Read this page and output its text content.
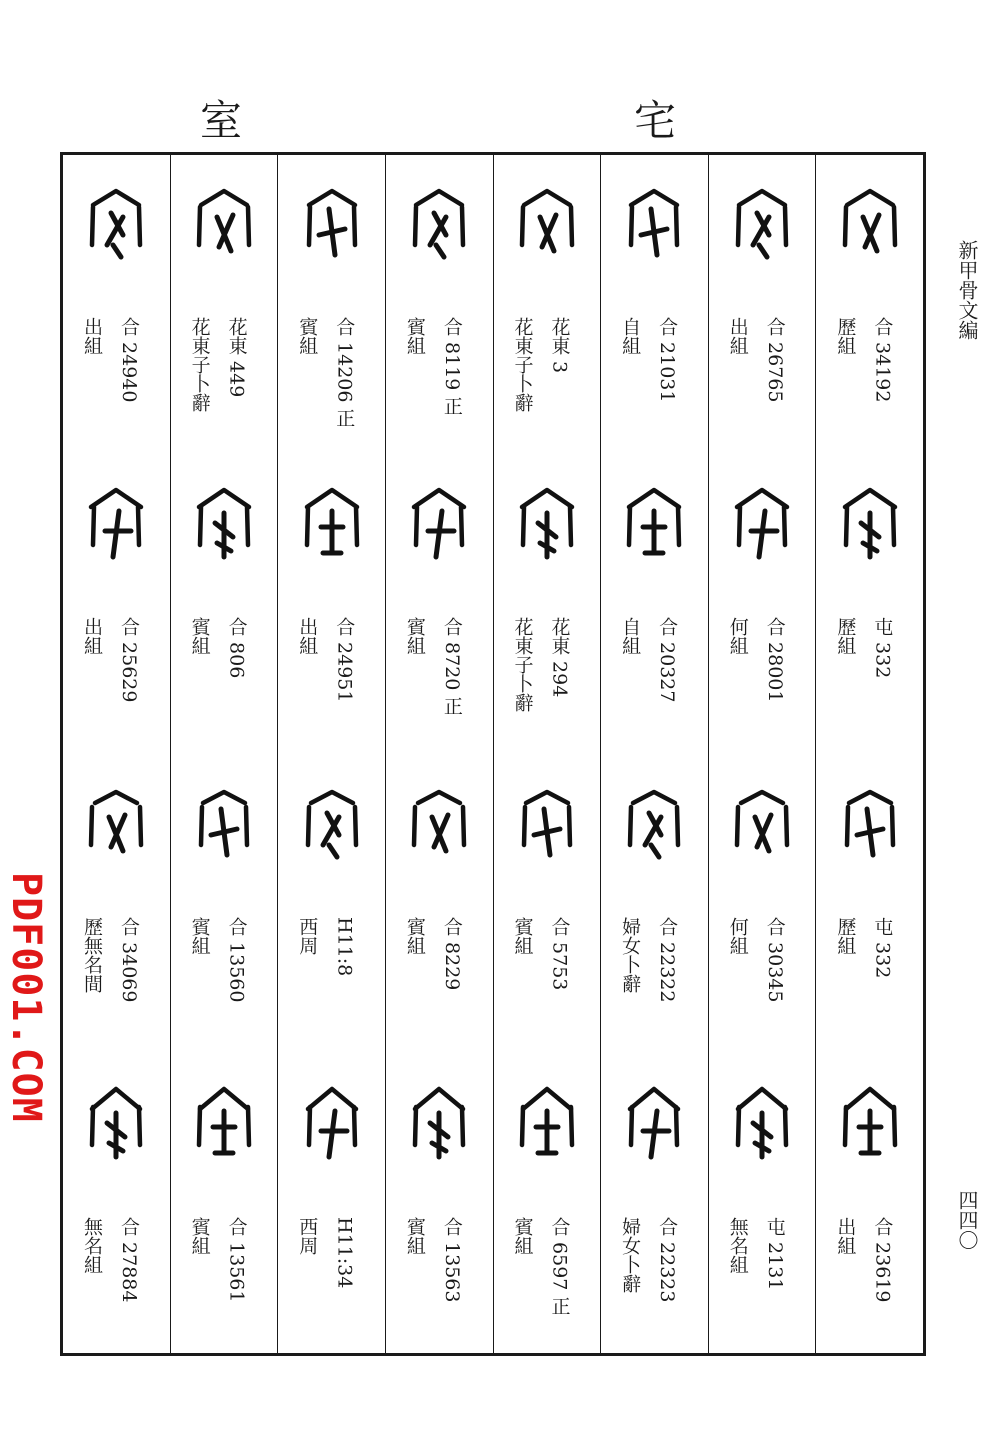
室	宅
新甲骨文編
四四〇
PDF001.COM
合 34192
歷組
屯 332
歷組
屯 332
歷組
合 23619
出組
合 26765
出組
合 28001
何組
合 30345
何組
屯 2131
無名組
合 21031
自組
合 20327
自組
合 22322
婦女卜辭
合 22323
婦女卜辭
花東 3
花東子卜辭
花東 294
花東子卜辭
合 5753
賓組
合 6597 正
賓組
合 8119 正
賓組
合 8720 正
賓組
合 8229
賓組
合 13563
賓組
合 14206 正
賓組
合 24951
出組
H11:8
西周
H11:34
西周
花東 449
花東子卜辭
合 806
賓組
合 13560
賓組
合 13561
賓組
合 24940
出組
合 25629
出組
合 34069
歷無名間
合 27884
無名組
